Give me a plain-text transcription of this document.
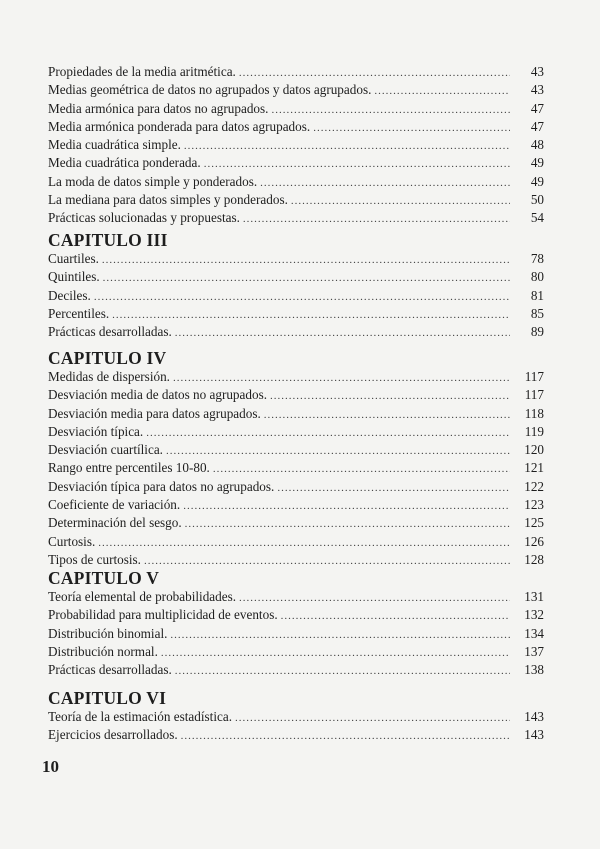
Propiedades de la media aritmética. .....	43
Medias geométrica de datos no agrupados y datos agrupados. .....	43
Media armónica para datos no agrupados. .....	47
Media armónica ponderada para datos agrupados. .....	47
Media cuadrática simple. .....	48
Media cuadrática ponderada. .....	49
La moda de datos simple y ponderados. .....	49
La mediana para datos simples y ponderados. .....	50
Prácticas solucionadas y propuestas. .....	54
CAPITULO III
Cuartiles. .....	78
Quintiles. .....	80
Deciles. .....	81
Percentiles. .....	85
Prácticas desarrolladas. .....	89
CAPITULO IV
Medidas de dispersión. .....	117
Desviación media de datos no agrupados. .....	117
Desviación media para datos agrupados. .....	118
Desviación típica. .....	119
Desviación cuartílica. .....	120
Rango entre percentiles 10-80. .....	121
Desviación típica para datos no agrupados. .....	122
Coeficiente de variación. .....	123
Determinación del sesgo. .....	125
Curtosis. .....	126
Tipos de curtosis. .....	128
CAPITULO V
Teoría elemental de probabilidades. .....	131
Probabilidad para multiplicidad de eventos. .....	132
Distribución binomial. .....	134
Distribución normal. .....	137
Prácticas desarrolladas. .....	138
CAPITULO VI
Teoría de la estimación estadística. .....	143
Ejercicios desarrollados. .....	143
10
